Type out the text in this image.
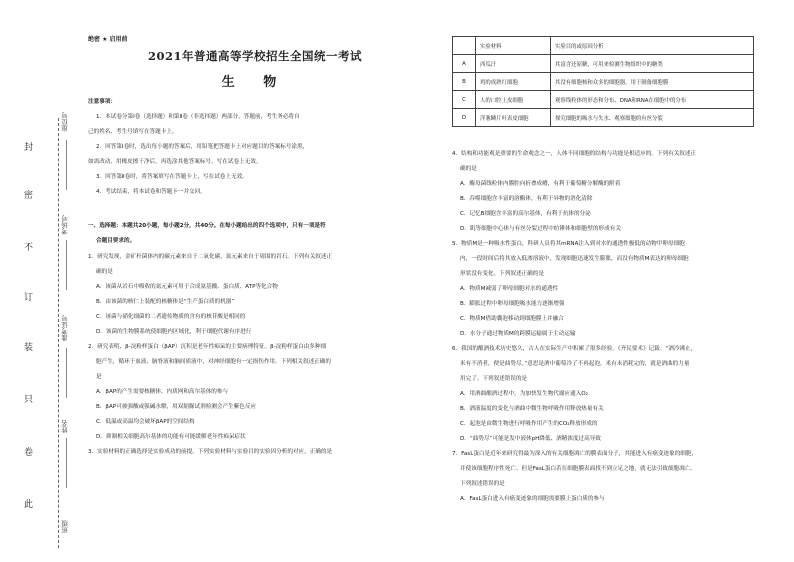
封
密
不
订
装
只
卷
此
座位号
考场号
准考证号
姓名
班级
绝密 ★ 启用前
2021年普通高等学校招生全国统一考试
生 物
注意事项：
1．本试卷分第Ⅰ卷（选择题）和第Ⅱ卷（非选择题）两部分。答题前，考生务必将自
己的姓名、考生号填写在答题卡上。
2．回答第Ⅰ卷时，选出每小题的答案后，用铅笔把答题卡上对应题目的答案标号涂黑，
如需改动，用橡皮擦干净后，再选涂其他答案标号。写在试卷上无效。
3．回答第Ⅱ卷时，将答案填写在答题卡上，写在试卷上无效。
4．考试结束，将本试卷和答题卡一并交回。
一、选择题：本题共20小题，每小题2分，共40分。在每小题给出的四个选项中，只有一项是符
合题目要求的。
1．研究发现，金矿杆菌体内的碳元素来自于二氧化碳，氮元素来自于周围的岩石。下列有关叙述正
确的是
A．该菌从岩石中吸收的氮元素可用于合成氨基酸、蛋白质、ATP等化合物
B．由该菌的核仁上装配的核糖体是“生产蛋白质的机器”
C．该菌与硝化细菌的二者遗传物质的含有的核苷酸是相同的
D．该菌的生物膜系统使细胞内区域化，利于细胞代谢有序进行
2．研究表明，β-淀粉样蛋白（βAP）沉积是老年性痴呆的主要病理特征。β-淀粉样蛋白由多种细
胞产生，循环于血液、脑脊液和脑间质液中，对神经细胞有一定损伤作用。下列相关叙述正确的
是
A．βAP的产生需要核糖体、内质网和高尔基体的参与
B．βAP可被强酸或强碱水解，用双缩脲试剂检测会产生紫色反应
C．低温或高温均会破坏βAP的空间结构
D．抑制相关细胞高尔基体的功能有可能缓解老年性痴呆症状
3．实验材料的正确选择是实验成功的前提。下列实验材料与实验目的实验因分析的对应，正确的是
	实验材料	实验目的或原因分析
A	西瓜汁	其富含还原糖，可用来检测生物组织中的糖类
B	鸡的成熟红细胞	其没有细胞核和众多的细胞器，用于制备细胞膜
C	人的口腔上皮细胞	观察线粒体的形态和分布、DNA和RNA在细胞中的分布
D	洋葱鳞片叶表皮细胞	探究细胞的吸水与失水、观察细胞的有丝分裂
4．结构和功能观是重要的生命观念之一，人体不同细胞的结构与功能是相适应的。下列有关叙述正
确的是
A．酶母菌线粒体内膜腔向折叠成嵴，有利于葡萄糖分解酶的附着
B．吞噬细胞含丰富的溶酶体，有利于异物的消化清除
C．记忆B细胞含丰富的高尔基体，有利于抗体的分泌
D．肌等细胞中心体与有丝分裂过程中纺锤体和细胞壁的形成有关
5．物质M是一种吸水性蛋白，科研人员将其mRNA注入到对水的通透性极低的动物甲卵母细胞
内，一段时间后将其放入低渗溶液中，发现细胞迅速发生膨胀，而没有物质M表达的卵母细胞
形状没有变化。下列叙述正确的是
A．物质M减弱了卵母细胞对水的通透性
B．膨胀过程中卵母细胞吸水能力逐渐增强
C．物质M借助囊泡移动到细胞膜上并融合
D．水分子通过物质M的跨膜运输属于主动运输
6．我国的酿酒技术历史悠久，古人在实际生产中积累了很多经验。《齐民要术》记载：“酒冷沸止，
米有不消者，便是曲势尽。”意思是酒中葡萄冷了不再起泡，米有未消耗完的，就是酒曲的力量
用完了。下列叙述错误的是
A．用酒曲酿酒过程中，为加快发生物代谢应通入O₂
B．酒液温度的变化与酒曲中微生物呼吸作用释放热量有关
C．起泡是由微生物进行呼吸作用产生的CO₂释放形成的
D．“曲势尽”可能是发中液体pH降低、酒精浓度过高导致
7．FasL蛋白是近年来研究得最为深入的有关细胞凋亡的膜表面分子，其能进入有癌变迹象的细胞，
并使该细胞程序性死亡。但是FasL蛋白若在细胞膜表面找不到立足之地，就无法引致细胞凋亡。
下列叙述错误的是
A．FasL蛋白进入有癌变迹象的细胞需要膜上蛋白质的参与
